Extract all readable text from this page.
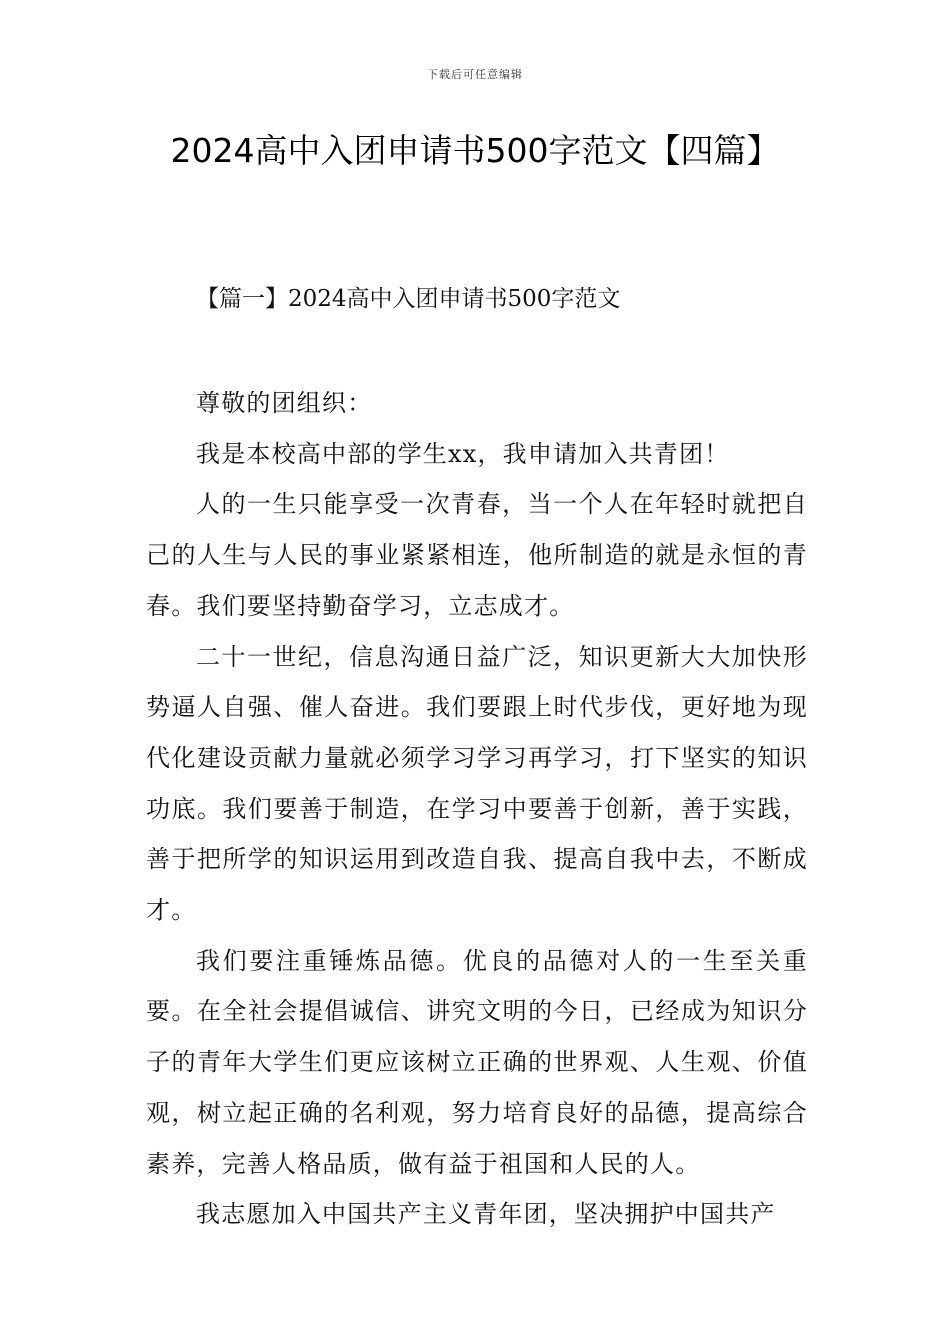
下载后可任意编辑
2024高中入团申请书500字范文【四篇】
【篇一】2024高中入团申请书500字范文

尊敬的团组织：

我是本校高中部的学生xx，我申请加入共青团！

人的一生只能享受一次青春，当一个人在年轻时就把自己的人生与人民的事业紧紧相连，他所制造的就是永恒的青春。我们要坚持勤奋学习，立志成才。

二十一世纪，信息沟通日益广泛，知识更新大大加快形势逼人自强、催人奋进。我们要跟上时代步伐，更好地为现代化建设贡献力量就必须学习学习再学习，打下坚实的知识功底。我们要善于制造，在学习中要善于创新，善于实践，善于把所学的知识运用到改造自我、提高自我中去，不断成才。

我们要注重锤炼品德。优良的品德对人的一生至关重要。在全社会提倡诚信、讲究文明的今日，已经成为知识分子的青年大学生们更应该树立正确的世界观、人生观、价值观，树立起正确的名利观，努力培育良好的品德，提高综合素养，完善人格品质，做有益于祖国和人民的人。

我志愿加入中国共产主义青年团，坚决拥护中国共产
